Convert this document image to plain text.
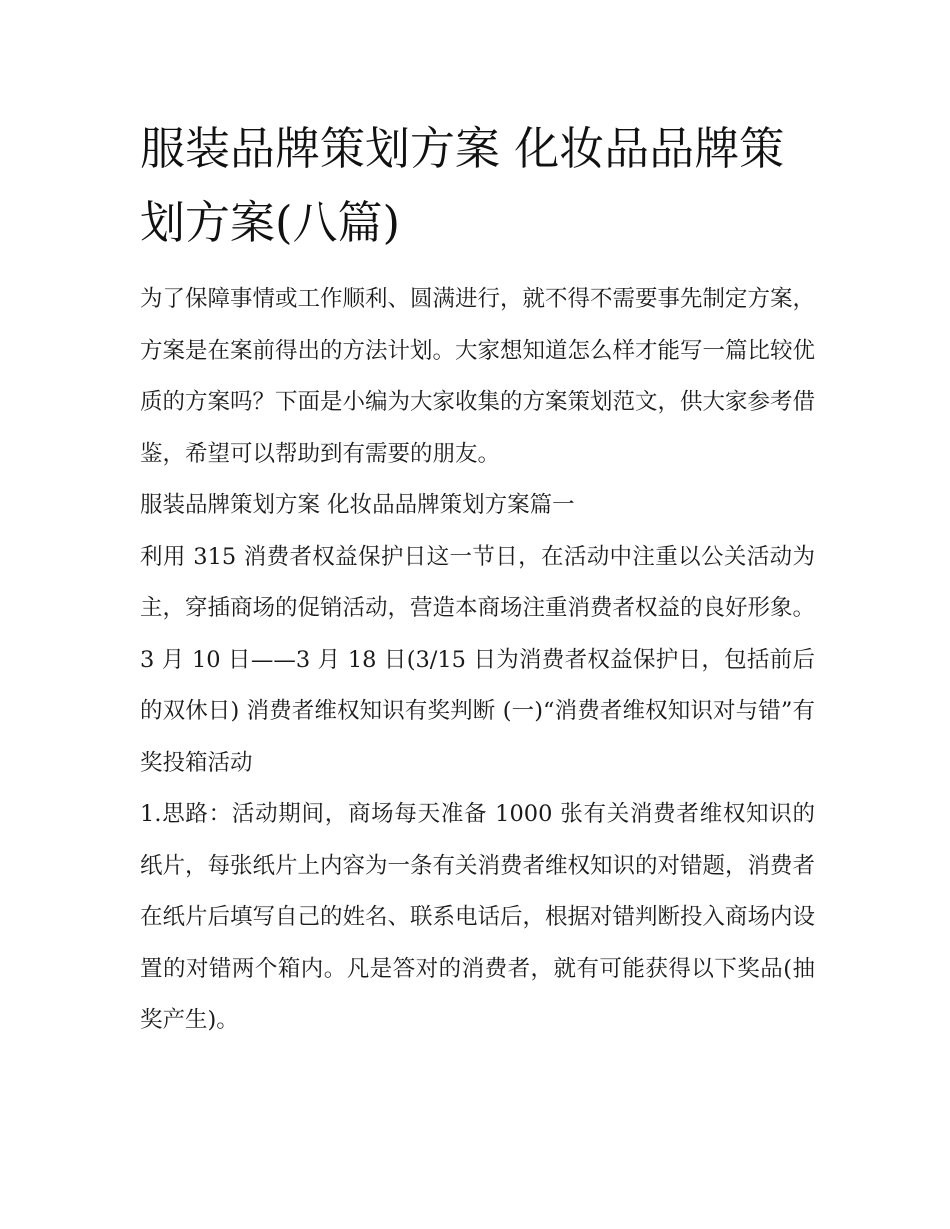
服装品牌策划方案 化妆品品牌策划方案(八篇)

为了保障事情或工作顺利、圆满进行，就不得不需要事先制定方案，方案是在案前得出的方法计划。大家想知道怎么样才能写一篇比较优质的方案吗？下面是小编为大家收集的方案策划范文，供大家参考借鉴，希望可以帮助到有需要的朋友。

服装品牌策划方案 化妆品品牌策划方案篇一

利用 315 消费者权益保护日这一节日，在活动中注重以公关活动为主，穿插商场的促销活动，营造本商场注重消费者权益的良好形象。

3 月 10 日——3 月 18 日(3/15 日为消费者权益保护日，包括前后的双休日) 消费者维权知识有奖判断 (一)“消费者维权知识对与错”有奖投箱活动

1.思路：活动期间，商场每天准备 1000 张有关消费者维权知识的纸片，每张纸片上内容为一条有关消费者维权知识的对错题，消费者在纸片后填写自己的姓名、联系电话后，根据对错判断投入商场内设置的对错两个箱内。凡是答对的消费者，就有可能获得以下奖品(抽奖产生)。
